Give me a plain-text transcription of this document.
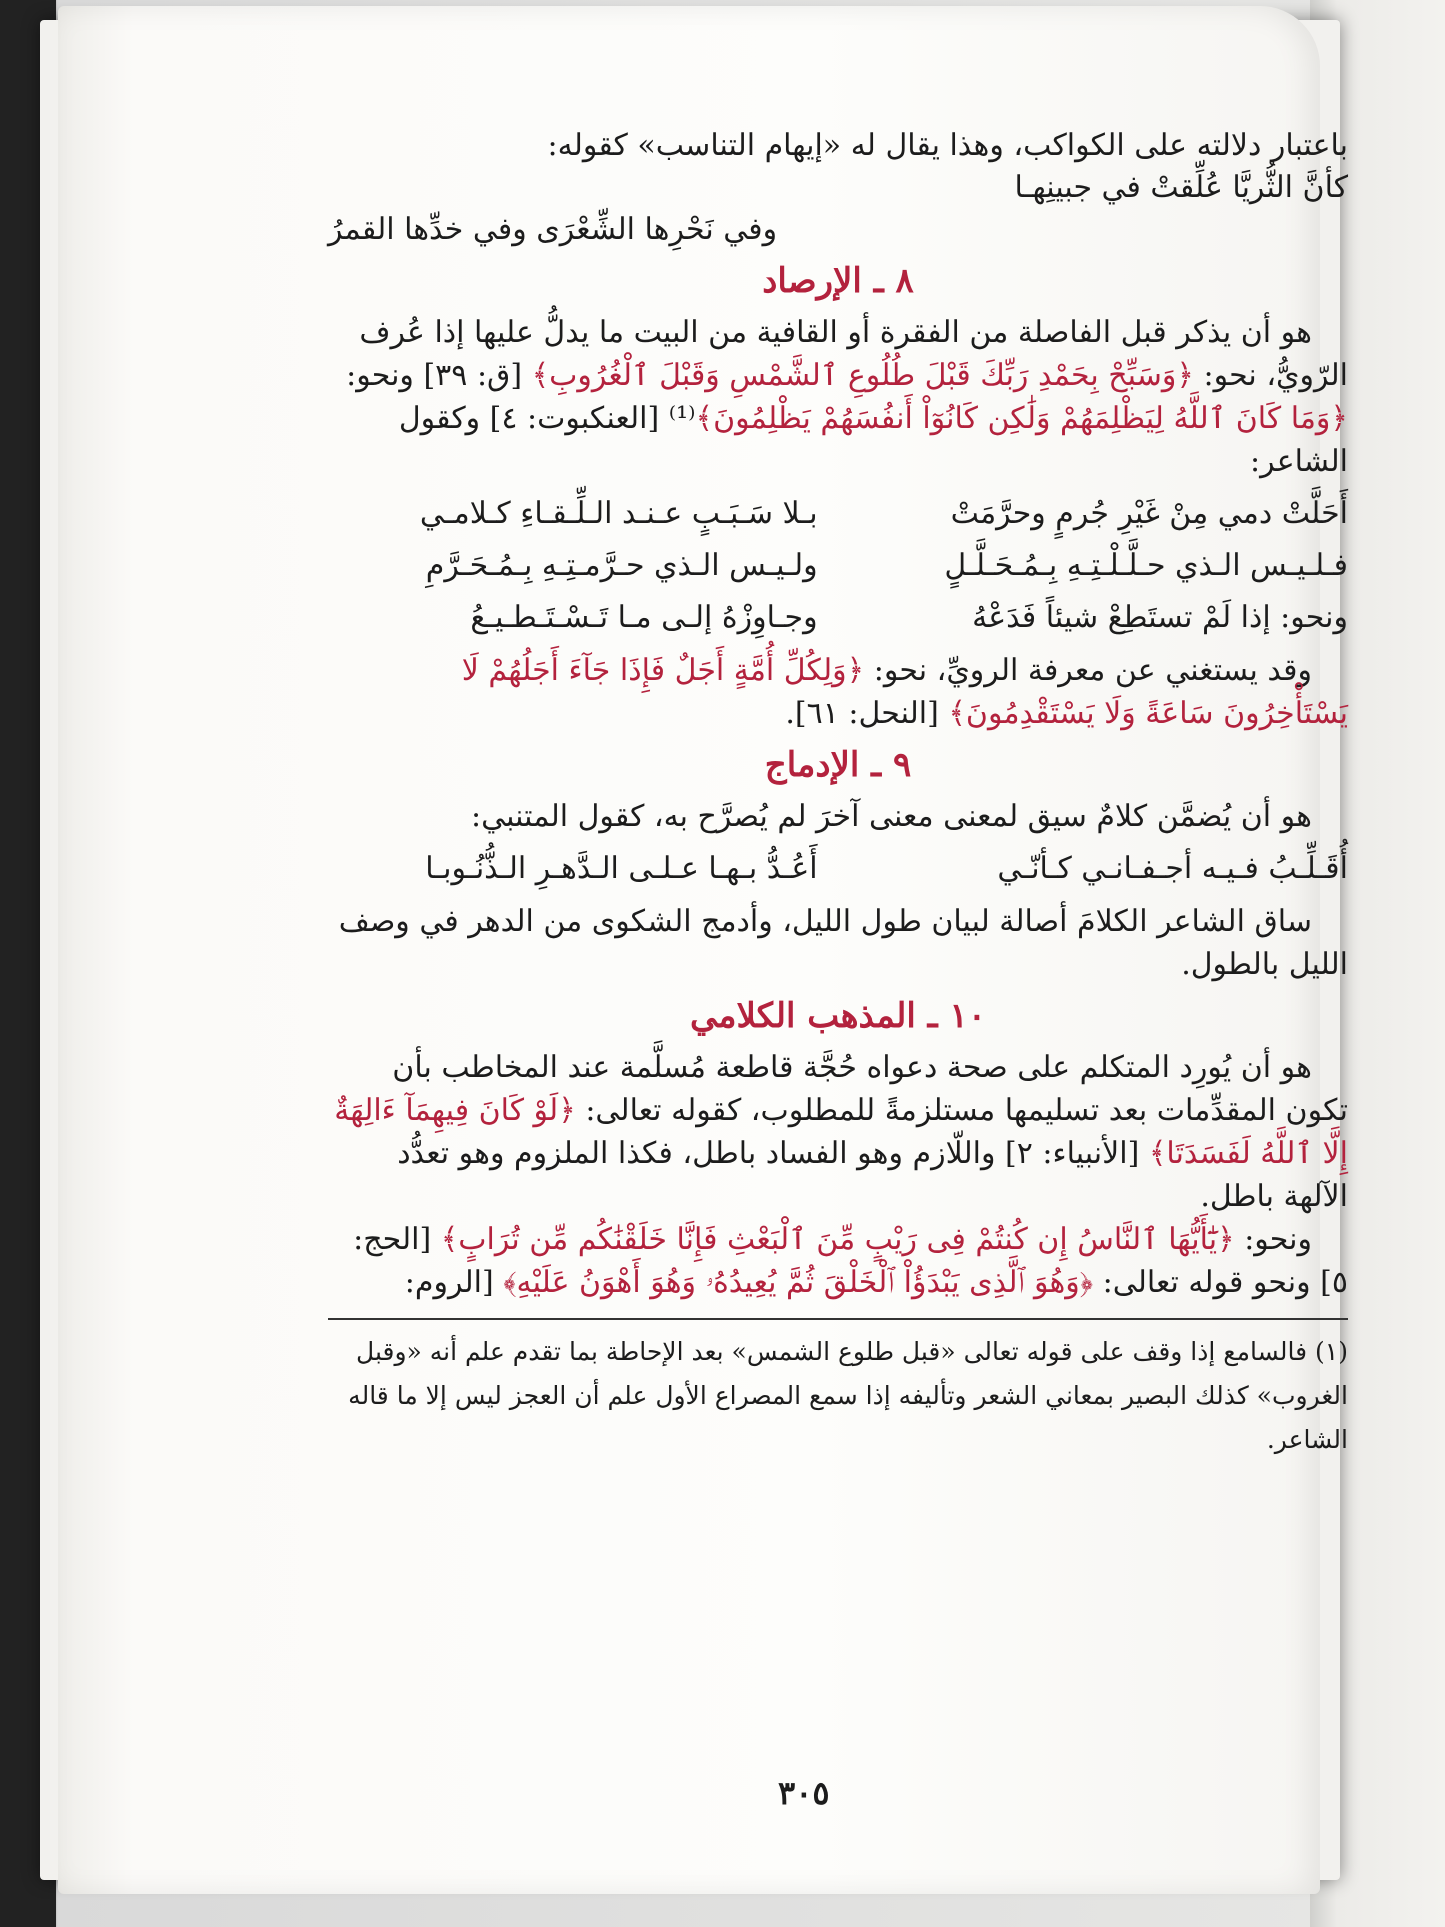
باعتبار دلالته على الكواكب، وهذا يقال له «إيهام التناسب» كقوله:

كأنَّ الثُّريَّا عُلِّقتْ في جبينِهـا
وفي نَحْرِها الشِّعْرَى وفي خدِّها القمرُ
٨ ـ الإرصاد

هو أن يذكر قبل الفاصلة من الفقرة أو القافية من البيت ما يدلُّ عليها إذا عُرف الرّويُّ، نحو: ﴿وَسَبِّحْ بِحَمْدِ رَبِّكَ قَبْلَ طُلُوعِ ٱلشَّمْسِ وَقَبْلَ ٱلْغُرُوبِ﴾ [ق: ٣٩] ونحو: ﴿وَمَا كَانَ ٱللَّهُ لِيَظْلِمَهُمْ وَلَٰكِن كَانُوٓاْ أَنفُسَهُمْ يَظْلِمُونَ﴾⁽¹⁾ [العنكبوت: ٤] وكقول الشاعر:

أَحَلَّتْ دمي مِنْ غَيْرِ جُرمٍ وحرَّمَتْ
بـلا سَـبَـبٍ عـنـد الـلِّـقـاءِ كـلامـي
فـلـيـس الـذي حـلَّـلْـتِـهِ بِـمُـحَـلَّـلٍ
ولـيـس الـذي حـرَّمـتِـهِ بِـمُـحَـرَّمِ
ونحو: إذا لَمْ تستَطِعْ شيئاً فَدَعْهُ
وجـاوِزْهُ إلـى مـا تَـسْـتَـطـيـعُ

وقد يستغني عن معرفة الرويِّ، نحو: ﴿وَلِكُلِّ أُمَّةٍ أَجَلٌ فَإِذَا جَآءَ أَجَلُهُمْ لَا يَسْتَأْخِرُونَ سَاعَةً وَلَا يَسْتَقْدِمُونَ﴾ [النحل: ٦١].

٩ ـ الإدماج

هو أن يُضمَّن كلامٌ سيق لمعنى معنى آخرَ لم يُصرَّح به، كقول المتنبي:

أُقَـلِّـبُ فـيـه أجـفـانـي كـأنّـي
أَعُـدُّ بـهـا عـلـى الـدَّهـرِ الـذُّنُـوبـا

ساق الشاعر الكلامَ أصالة لبيان طول الليل، وأدمج الشكوى من الدهر في وصف الليل بالطول.

١٠ ـ المذهب الكلامي

هو أن يُورِد المتكلم على صحة دعواه حُجَّة قاطعة مُسلَّمة عند المخاطب بأن تكون المقدِّمات بعد تسليمها مستلزمةً للمطلوب، كقوله تعالى: ﴿لَوْ كَانَ فِيهِمَآ ءَالِهَةٌ إِلَّا ٱللَّهُ لَفَسَدَتَا﴾ [الأنبياء: ٢] واللّازم وهو الفساد باطل، فكذا الملزوم وهو تعدُّد الآلهة باطل.

ونحو: ﴿يَٰٓأَيُّهَا ٱلنَّاسُ إِن كُنتُمْ فِى رَيْبٍ مِّنَ ٱلْبَعْثِ فَإِنَّا خَلَقْنَٰكُم مِّن تُرَابٍ﴾ [الحج: ٥] ونحو قوله تعالى: ﴿وَهُوَ ٱلَّذِى يَبْدَؤُاْ ٱلْخَلْقَ ثُمَّ يُعِيدُهُۥ وَهُوَ أَهْوَنُ عَلَيْهِ﴾ [الروم:

(١) فالسامع إذا وقف على قوله تعالى «قبل طلوع الشمس» بعد الإحاطة بما تقدم علم أنه «وقبل الغروب» كذلك البصير بمعاني الشعر وتأليفه إذا سمع المصراع الأول علم أن العجز ليس إلا ما قاله الشاعر.

٣٠٥
